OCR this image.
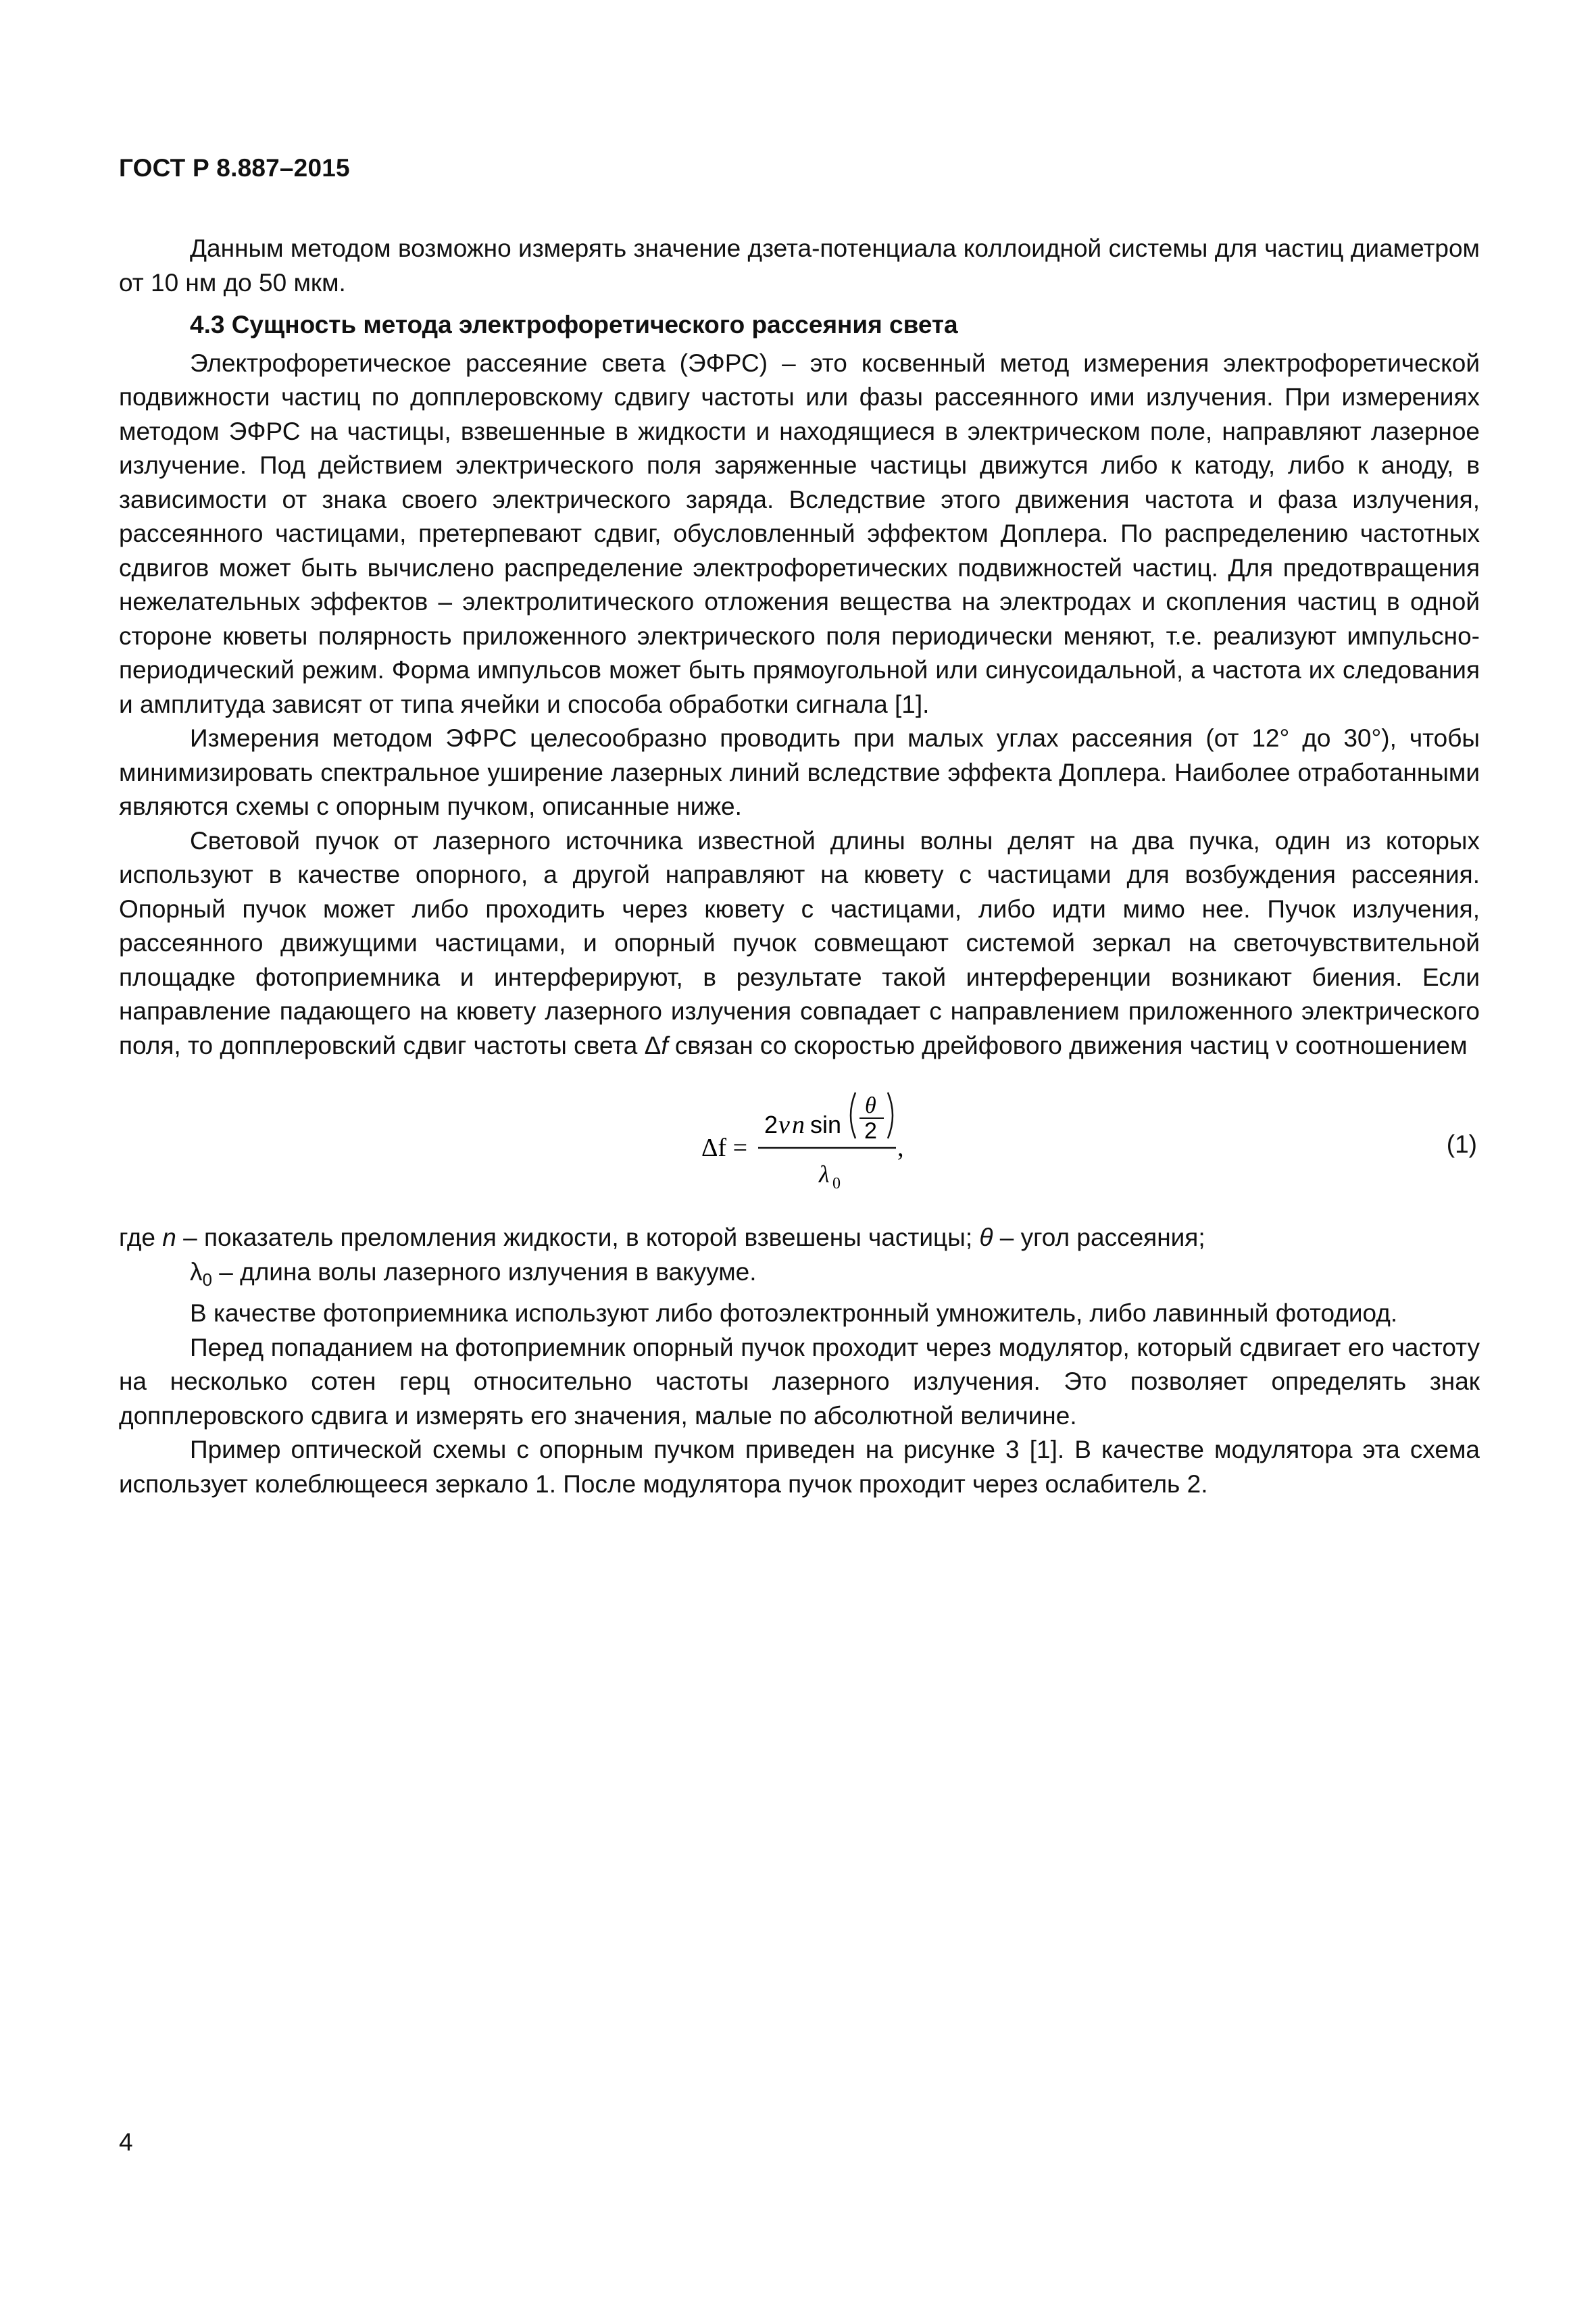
ГОСТ Р 8.887–2015

Данным методом возможно измерять значение дзета-потенциала коллоидной системы для частиц диаметром от 10 нм до 50 мкм.

4.3 Сущность метода электрофоретического рассеяния света

Электрофоретическое рассеяние света (ЭФРС) – это косвенный метод измерения электрофоретической подвижности частиц по допплеровскому сдвигу частоты или фазы рассеянного ими излучения. При измерениях методом ЭФРС на частицы, взвешенные в жидкости и находящиеся в электрическом поле, направляют лазерное излучение. Под действием электрического поля заряженные частицы движутся либо к катоду, либо к аноду, в зависимости от знака своего электрического заряда. Вследствие этого движения частота и фаза излучения, рассеянного частицами, претерпевают сдвиг, обусловленный эффектом Доплера. По распределению частотных сдвигов может быть вычислено распределение электрофоретических подвижностей частиц. Для предотвращения нежелательных эффектов – электролитического отложения вещества на электродах и скопления частиц в одной стороне кюветы полярность приложенного электрического поля периодически меняют, т.е. реализуют импульсно-периодический режим. Форма импульсов может быть прямоугольной или синусоидальной, а частота их следования и амплитуда зависят от типа ячейки и способа обработки сигнала [1].

Измерения методом ЭФРС целесообразно проводить при малых углах рассеяния (от 12° до 30°), чтобы минимизировать спектральное уширение лазерных линий вследствие эффекта Доплера. Наиболее отработанными являются схемы с опорным пучком, описанные ниже.

Световой пучок от лазерного источника известной длины волны делят на два пучка, один из которых используют в качестве опорного, а другой направляют на кювету с частицами для возбуждения рассеяния. Опорный пучок может либо проходить через кювету с частицами, либо идти мимо нее. Пучок излучения, рассеянного движущими частицами, и опорный пучок совмещают системой зеркал на светочувствительной площадке фотоприемника и интерферируют, в результате такой интерференции возникают биения. Если направление падающего на кювету лазерного излучения совпадает с направлением приложенного электрического поля, то допплеровский сдвиг частоты света Δf связан со скоростью дрейфового движения частиц ν соотношением

Δf =
2 ν n sin
θ
2
,
λ 0
(1)

где n – показатель преломления жидкости, в которой взвешены частицы; θ – угол рассеяния;

$\lambda_0$ – длина волы лазерного излучения в вакууме.

В качестве фотоприемника используют либо фотоэлектронный умножитель, либо лавинный фотодиод.

Перед попаданием на фотоприемник опорный пучок проходит через модулятор, который сдвигает его частоту на несколько сотен герц относительно частоты лазерного излучения. Это позволяет определять знак допплеровского сдвига и измерять его значения, малые по абсолютной величине.

Пример оптической схемы с опорным пучком приведен на рисунке 3 [1]. В качестве модулятора эта схема использует колеблющееся зеркало 1. После модулятора пучок проходит через ослабитель 2.

4
